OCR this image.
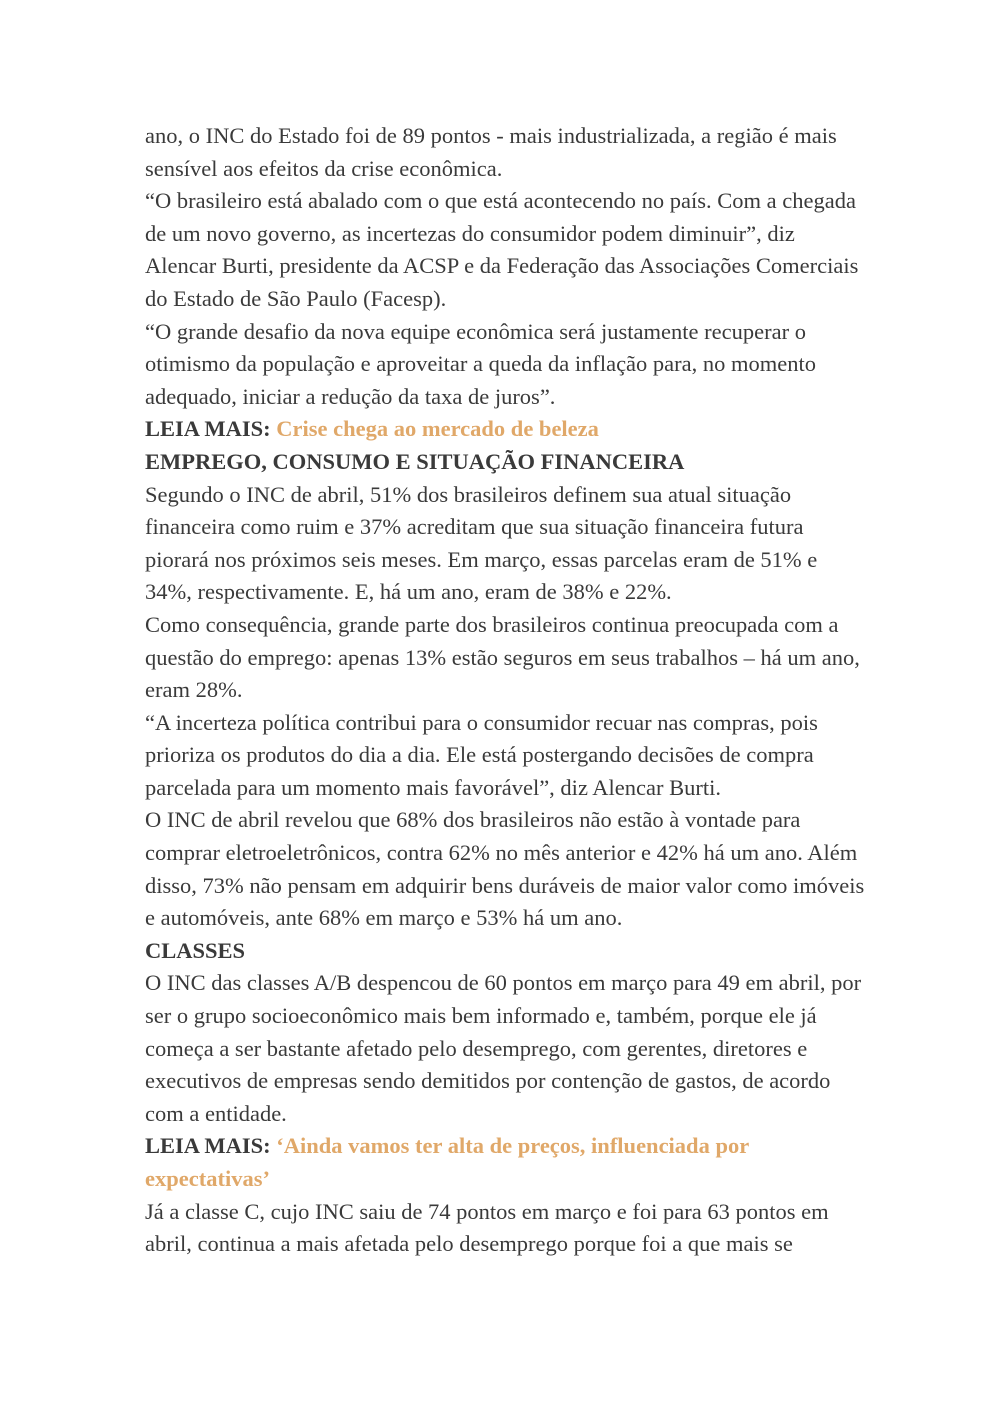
ano, o INC do Estado foi de 89 pontos - mais industrializada, a região é mais sensível aos efeitos da crise econômica.

“O brasileiro está abalado com o que está acontecendo no país. Com a chegada de um novo governo, as incertezas do consumidor podem diminuir”, diz Alencar Burti, presidente da ACSP e da Federação das Associações Comerciais do Estado de São Paulo (Facesp).

“O grande desafio da nova equipe econômica será justamente recuperar o otimismo da população e aproveitar a queda da inflação para, no momento adequado, iniciar a redução da taxa de juros”.

LEIA MAIS: Crise chega ao mercado de beleza

EMPREGO, CONSUMO E SITUAÇÃO FINANCEIRA

Segundo o INC de abril, 51% dos brasileiros definem sua atual situação financeira como ruim e 37% acreditam que sua situação financeira futura piorará nos próximos seis meses. Em março, essas parcelas eram de 51% e 34%, respectivamente. E, há um ano, eram de 38% e 22%.

Como consequência, grande parte dos brasileiros continua preocupada com a questão do emprego: apenas 13% estão seguros em seus trabalhos – há um ano, eram 28%.

“A incerteza política contribui para o consumidor recuar nas compras, pois prioriza os produtos do dia a dia. Ele está postergando decisões de compra parcelada para um momento mais favorável”, diz Alencar Burti.

O INC de abril revelou que 68% dos brasileiros não estão à vontade para comprar eletroeletrônicos, contra 62% no mês anterior e 42% há um ano. Além disso, 73% não pensam em adquirir bens duráveis de maior valor como imóveis e automóveis, ante 68% em março e 53% há um ano.

CLASSES

O INC das classes A/B despencou de 60 pontos em março para 49 em abril, por ser o grupo socioeconômico mais bem informado e, também, porque ele já começa a ser bastante afetado pelo desemprego, com gerentes, diretores e executivos de empresas sendo demitidos por contenção de gastos, de acordo com a entidade.

LEIA MAIS: ‘Ainda vamos ter alta de preços, influenciada por expectativas’

Já a classe C, cujo INC saiu de 74 pontos em março e foi para 63 pontos em abril, continua a mais afetada pelo desemprego porque foi a que mais se
